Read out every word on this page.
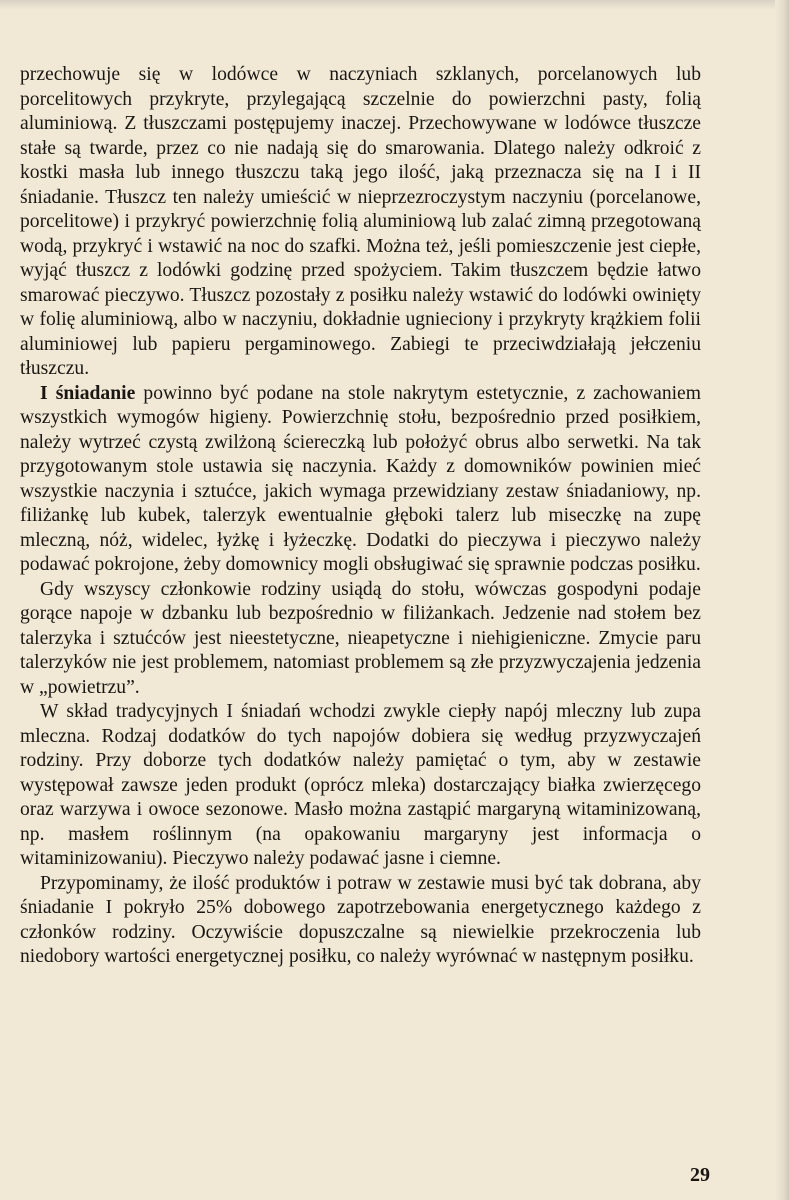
przechowuje się w lodówce w naczyniach szklanych, porcelanowych lub porcelitowych przykryte, przylegającą szczelnie do powierzchni pasty, folią aluminiową. Z tłuszczami postępujemy inaczej. Przechowywane w lodówce tłuszcze stałe są twarde, przez co nie nadają się do smarowania. Dlatego należy odkroić z kostki masła lub innego tłuszczu taką jego ilość, jaką przeznacza się na I i II śniadanie. Tłuszcz ten należy umieścić w nieprzezroczystym naczyniu (porcelanowe, porcelitowe) i przykryć powierzchnię folią aluminiową lub zalać zimną przegotowaną wodą, przykryć i wstawić na noc do szafki. Można też, jeśli pomieszczenie jest ciepłe, wyjąć tłuszcz z lodówki godzinę przed spożyciem. Takim tłuszczem będzie łatwo smarować pieczywo. Tłuszcz pozostały z posiłku należy wstawić do lodówki owinięty w folię aluminiową, albo w naczyniu, dokładnie ugnieciony i przykryty krążkiem folii aluminiowej lub papieru pergaminowego. Zabiegi te przeciwdziałają jełczeniu tłuszczu.

I śniadanie powinno być podane na stole nakrytym estetycznie, z zachowaniem wszystkich wymogów higieny. Powierzchnię stołu, bezpośrednio przed posiłkiem, należy wytrzeć czystą zwilżoną ściereczką lub położyć obrus albo serwetki. Na tak przygotowanym stole ustawia się naczynia. Każdy z domowników powinien mieć wszystkie naczynia i sztućce, jakich wymaga przewidziany zestaw śniadaniowy, np. filiżankę lub kubek, talerzyk ewentualnie głęboki talerz lub miseczkę na zupę mleczną, nóż, widelec, łyżkę i łyżeczkę. Dodatki do pieczywa i pieczywo należy podawać pokrojone, żeby domownicy mogli obsługiwać się sprawnie podczas posiłku.

Gdy wszyscy członkowie rodziny usiądą do stołu, wówczas gospodyni podaje gorące napoje w dzbanku lub bezpośrednio w filiżankach. Jedzenie nad stołem bez talerzyka i sztućców jest nieestetyczne, nieapetyczne i niehigieniczne. Zmycie paru talerzyków nie jest problemem, natomiast problemem są złe przyzwyczajenia jedzenia w „powietrzu”.

W skład tradycyjnych I śniadań wchodzi zwykle ciepły napój mleczny lub zupa mleczna. Rodzaj dodatków do tych napojów dobiera się według przyzwyczajeń rodziny. Przy doborze tych dodatków należy pamiętać o tym, aby w zestawie występował zawsze jeden produkt (oprócz mleka) dostarczający białka zwierzęcego oraz warzywa i owoce sezonowe. Masło można zastąpić margaryną witaminizowaną, np. masłem roślinnym (na opakowaniu margaryny jest informacja o witaminizowaniu). Pieczywo należy podawać jasne i ciemne.

Przypominamy, że ilość produktów i potraw w zestawie musi być tak dobrana, aby śniadanie I pokryło 25% dobowego zapotrzebowania energetycznego każdego z członków rodziny. Oczywiście dopuszczalne są niewielkie przekroczenia lub niedobory wartości energetycznej posiłku, co należy wyrównać w następnym posiłku.

29
